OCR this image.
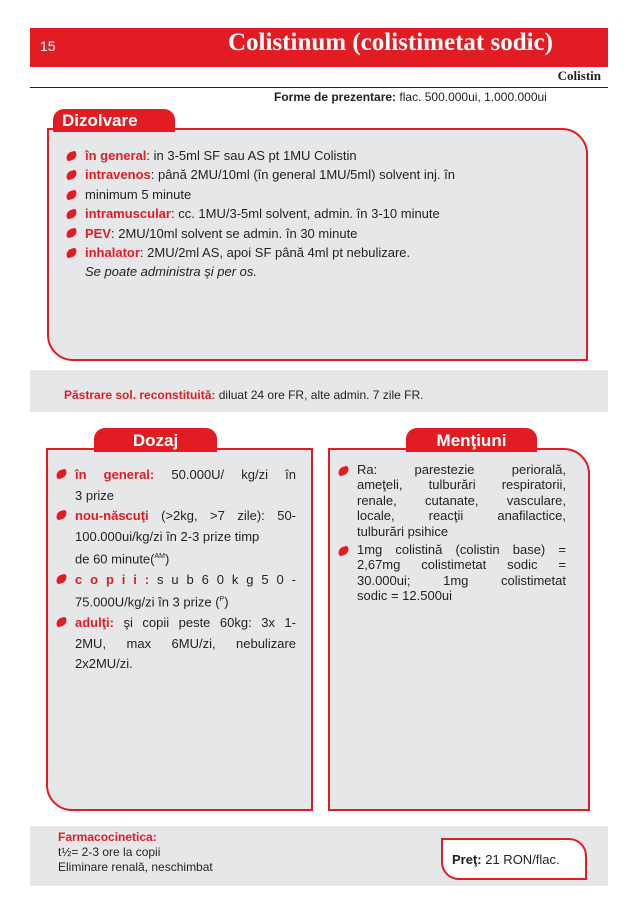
15	Colistinum (colistimetat sodic)
Colistin
Forme de prezentare: flac. 500.000ui, 1.000.000ui
Dizolvare
în general : in 3-5ml SF sau AS pt 1MU Colistin
intravenos : până 2MU/10ml (în general 1MU/5ml) solvent inj. în
minimum 5 minute
intramuscular : cc. 1MU/3-5ml solvent, admin. în 3-10 minute
PEV : 2MU/10ml solvent se admin. în 30 minute
inhalator : 2MU/2ml AS, apoi SF până 4ml pt nebulizare.
Se poate administra şi per os.
Păstrare sol. reconstituită: diluat 24 ore FR, alte admin. 7 zile FR.
Dozaj
în general: 50.000U/ kg/zi în
3 prize
nou-născuţi (>2kg, >7 zile): 50-
100.000ui/kg/zi în 2-3 prize timp
de 60 minute($^{AM}$)
c o p i i : s u b 6 0 k g 5 0 -
75.000U/kg/zi în 3 prize ($^P$)
adulţi: şi copii peste 60kg: 3x 1-
2MU, max 6MU/zi, nebulizare
2x2MU/zi.
Menţiuni
Ra: parestezie periorală,
ameţeli, tulburări respiratorii,
renale, cutanate, vasculare,
locale, reacţii anafilactice,
tulburări psihice
1mg colistină (colistin base) =
2,67mg colistimetat sodic =
30.000ui; 1mg colistimetat
sodic = 12.500ui
Farmacocinetica:
t½= 2-3 ore la copii
Eliminare renală, neschimbat	Preţ: 21 RON/flac.
